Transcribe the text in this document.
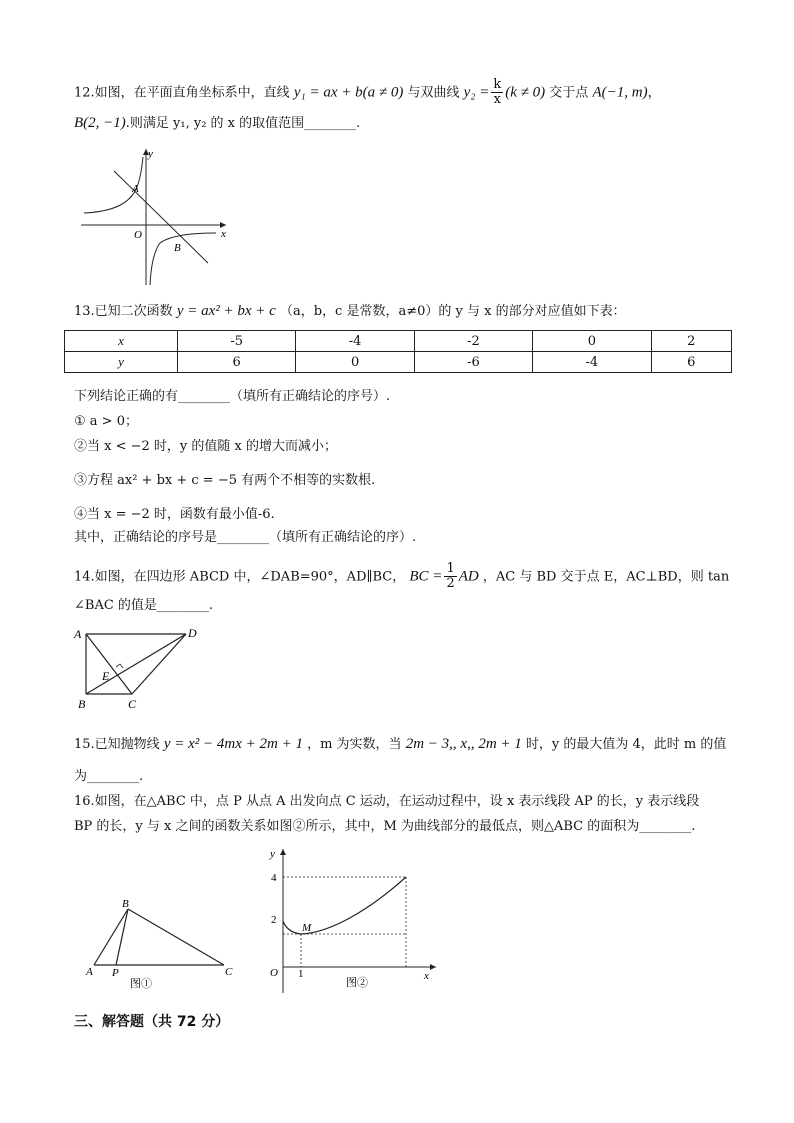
12.如图，在平面直角坐标系中，直线 y₁ = ax + b(a ≠ 0) 与双曲线 $y_2 = \frac{k}{x} (k \ne 0)$ 交于点 A(−1, m)，
B(2, −1).则满足 y₁, y₂ 的 x 的取值范围________.
y
x
A
O
B
13.已知二次函数 y = ax² + bx + c （a，b，c 是常数，a≠0）的 y 与 x 的部分对应值如下表：
x	-5	-4	-2	0	2
y	6	0	-6	-4	6
下列结论正确的有________（填所有正确结论的序号）.
① a > 0；
②当 x < −2 时，y 的值随 x 的增大而减小；
③方程 ax² + bx + c = −5 有两个不相等的实数根.
④当 x = −2 时，函数有最小值-6.
其中，正确结论的序号是________（填所有正确结论的序）.
14.如图，在四边形 ABCD 中，∠DAB=90°，AD∥BC， BC = $\frac{1}{2}$ AD ，AC 与 BD 交于点 E，AC⊥BD，则 tan
∠BAC 的值是________.
A	D
E
B	C
15.已知抛物线 y = x² − 4mx + 2m + 1 ，m 为实数，当 2m − 3,, x,, 2m + 1 时，y 的最大值为 4，此时 m 的值
为________.
16.如图，在△ABC 中，点 P 从点 A 出发向点 C 运动，在运动过程中，设 x 表示线段 AP 的长，y 表示线段
BP 的长，y 与 x 之间的函数关系如图②所示，其中，M 为曲线部分的最低点，则△ABC 的面积为________.
B
A P	C
图①
y
4
2
M
O 1	x
图②
三、解答题（共 72 分）
